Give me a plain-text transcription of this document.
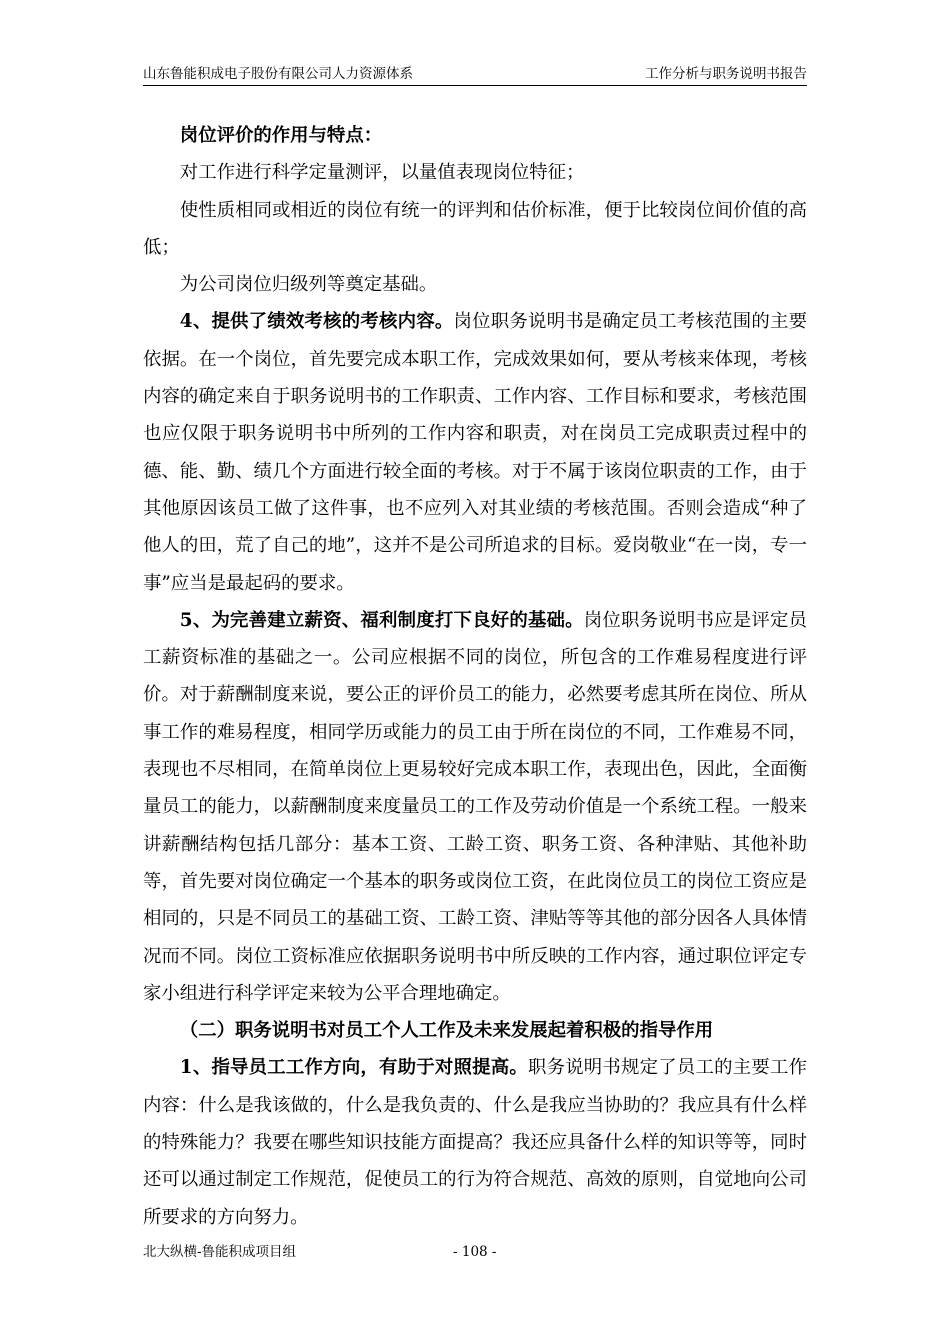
山东鲁能积成电子股份有限公司人力资源体系	工作分析与职务说明书报告

岗位评价的作用与特点：

对工作进行科学定量测评，以量值表现岗位特征；

使性质相同或相近的岗位有统一的评判和估价标准，便于比较岗位间价值的高低；

为公司岗位归级列等奠定基础。

4、提供了绩效考核的考核内容。岗位职务说明书是确定员工考核范围的主要依据。在一个岗位，首先要完成本职工作，完成效果如何，要从考核来体现，考核内容的确定来自于职务说明书的工作职责、工作内容、工作目标和要求，考核范围也应仅限于职务说明书中所列的工作内容和职责，对在岗员工完成职责过程中的德、能、勤、绩几个方面进行较全面的考核。对于不属于该岗位职责的工作，由于其他原因该员工做了这件事，也不应列入对其业绩的考核范围。否则会造成“种了他人的田，荒了自己的地”，这并不是公司所追求的目标。爱岗敬业“在一岗，专一事”应当是最起码的要求。

5、为完善建立薪资、福利制度打下良好的基础。岗位职务说明书应是评定员工薪资标准的基础之一。公司应根据不同的岗位，所包含的工作难易程度进行评价。对于薪酬制度来说，要公正的评价员工的能力，必然要考虑其所在岗位、所从事工作的难易程度，相同学历或能力的员工由于所在岗位的不同，工作难易不同，表现也不尽相同，在简单岗位上更易较好完成本职工作，表现出色，因此，全面衡量员工的能力，以薪酬制度来度量员工的工作及劳动价值是一个系统工程。一般来讲薪酬结构包括几部分：基本工资、工龄工资、职务工资、各种津贴、其他补助等，首先要对岗位确定一个基本的职务或岗位工资，在此岗位员工的岗位工资应是相同的，只是不同员工的基础工资、工龄工资、津贴等等其他的部分因各人具体情况而不同。岗位工资标准应依据职务说明书中所反映的工作内容，通过职位评定专家小组进行科学评定来较为公平合理地确定。

（二）职务说明书对员工个人工作及未来发展起着积极的指导作用

1、指导员工工作方向，有助于对照提高。职务说明书规定了员工的主要工作内容：什么是我该做的，什么是我负责的、什么是我应当协助的？我应具有什么样的特殊能力？我要在哪些知识技能方面提高？我还应具备什么样的知识等等，同时还可以通过制定工作规范，促使员工的行为符合规范、高效的原则，自觉地向公司所要求的方向努力。

北大纵横-鲁能积成项目组	- 108 -
